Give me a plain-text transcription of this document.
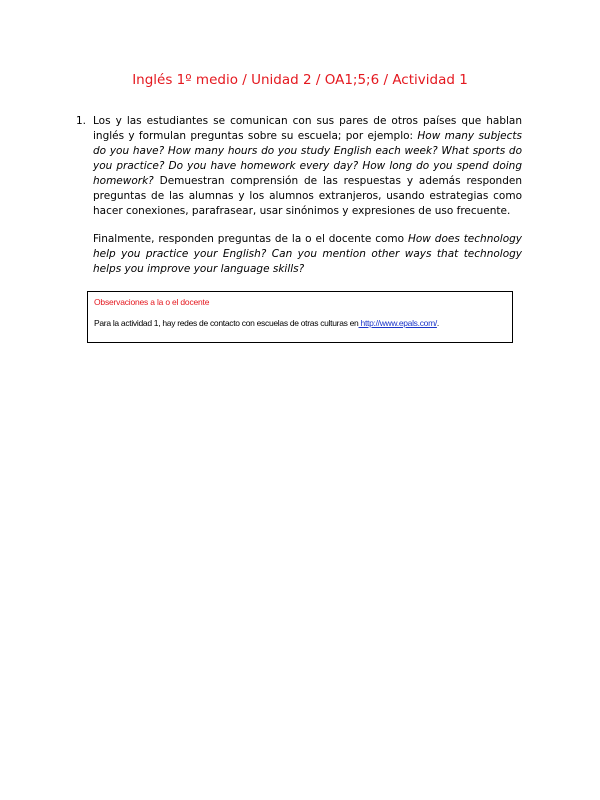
Inglés 1º medio / Unidad 2 / OA1;5;6 / Actividad 1
1. Los y las estudiantes se comunican con sus pares de otros países que hablan inglés y formulan preguntas sobre su escuela; por ejemplo: How many subjects do you have? How many hours do you study English each week? What sports do you practice? Do you have homework every day? How long do you spend doing homework? Demuestran comprensión de las respuestas y además responden preguntas de las alumnas y los alumnos extranjeros, usando estrategias como hacer conexiones, parafrasear, usar sinónimos y expresiones de uso frecuente.

Finalmente, responden preguntas de la o el docente como How does technology help you practice your English? Can you mention other ways that technology helps you improve your language skills?

Observaciones a la o el docente
Para la actividad 1, hay redes de contacto con escuelas de otras culturas en http://www.epals.com/.
